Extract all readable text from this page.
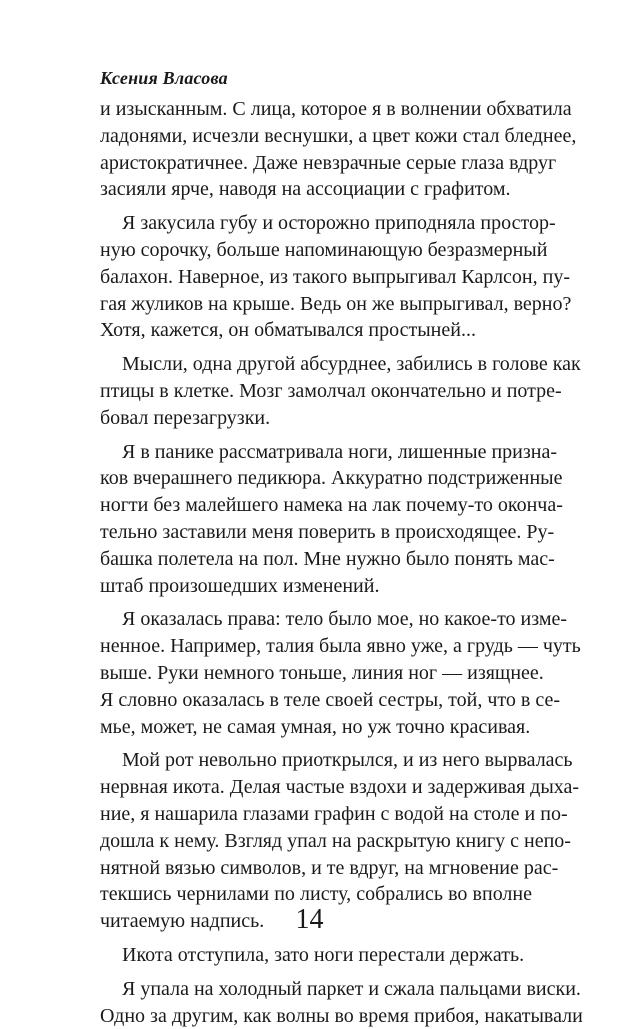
Ксения Власова
и изысканным. С лица, которое я в волнении обхватила
ладонями, исчезли веснушки, а цвет кожи стал бледнее,
аристократичнее. Даже невзрачные серые глаза вдруг
засияли ярче, наводя на ассоциации с графитом.
Я закусила губу и осторожно приподняла простор-
ную сорочку, больше напоминающую безразмерный
балахон. Наверное, из такого выпрыгивал Карлсон, пу-
гая жуликов на крыше. Ведь он же выпрыгивал, верно?
Хотя, кажется, он обматывался простыней...
Мысли, одна другой абсурднее, забились в голове как
птицы в клетке. Мозг замолчал окончательно и потре-
бовал перезагрузки.
Я в панике рассматривала ноги, лишенные призна-
ков вчерашнего педикюра. Аккуратно подстриженные
ногти без малейшего намека на лак почему-то оконча-
тельно заставили меня поверить в происходящее. Ру-
башка полетела на пол. Мне нужно было понять мас-
штаб произошедших изменений.
Я оказалась права: тело было мое, но какое-то изме-
ненное. Например, талия была явно уже, а грудь — чуть
выше. Руки немного тоньше, линия ног — изящнее.
Я словно оказалась в теле своей сестры, той, что в се-
мье, может, не самая умная, но уж точно красивая.
Мой рот невольно приоткрылся, и из него вырвалась
нервная икота. Делая частые вздохи и задерживая дыха-
ние, я нашарила глазами графин с водой на столе и по-
дошла к нему. Взгляд упал на раскрытую книгу с непо-
нятной вязью символов, и те вдруг, на мгновение рас-
текшись чернилами по листу, собрались во вполне
читаемую надпись.
Икота отступила, зато ноги перестали держать.
Я упала на холодный паркет и сжала пальцами виски.
Одно за другим, как волны во время прибоя, накатывали
14
